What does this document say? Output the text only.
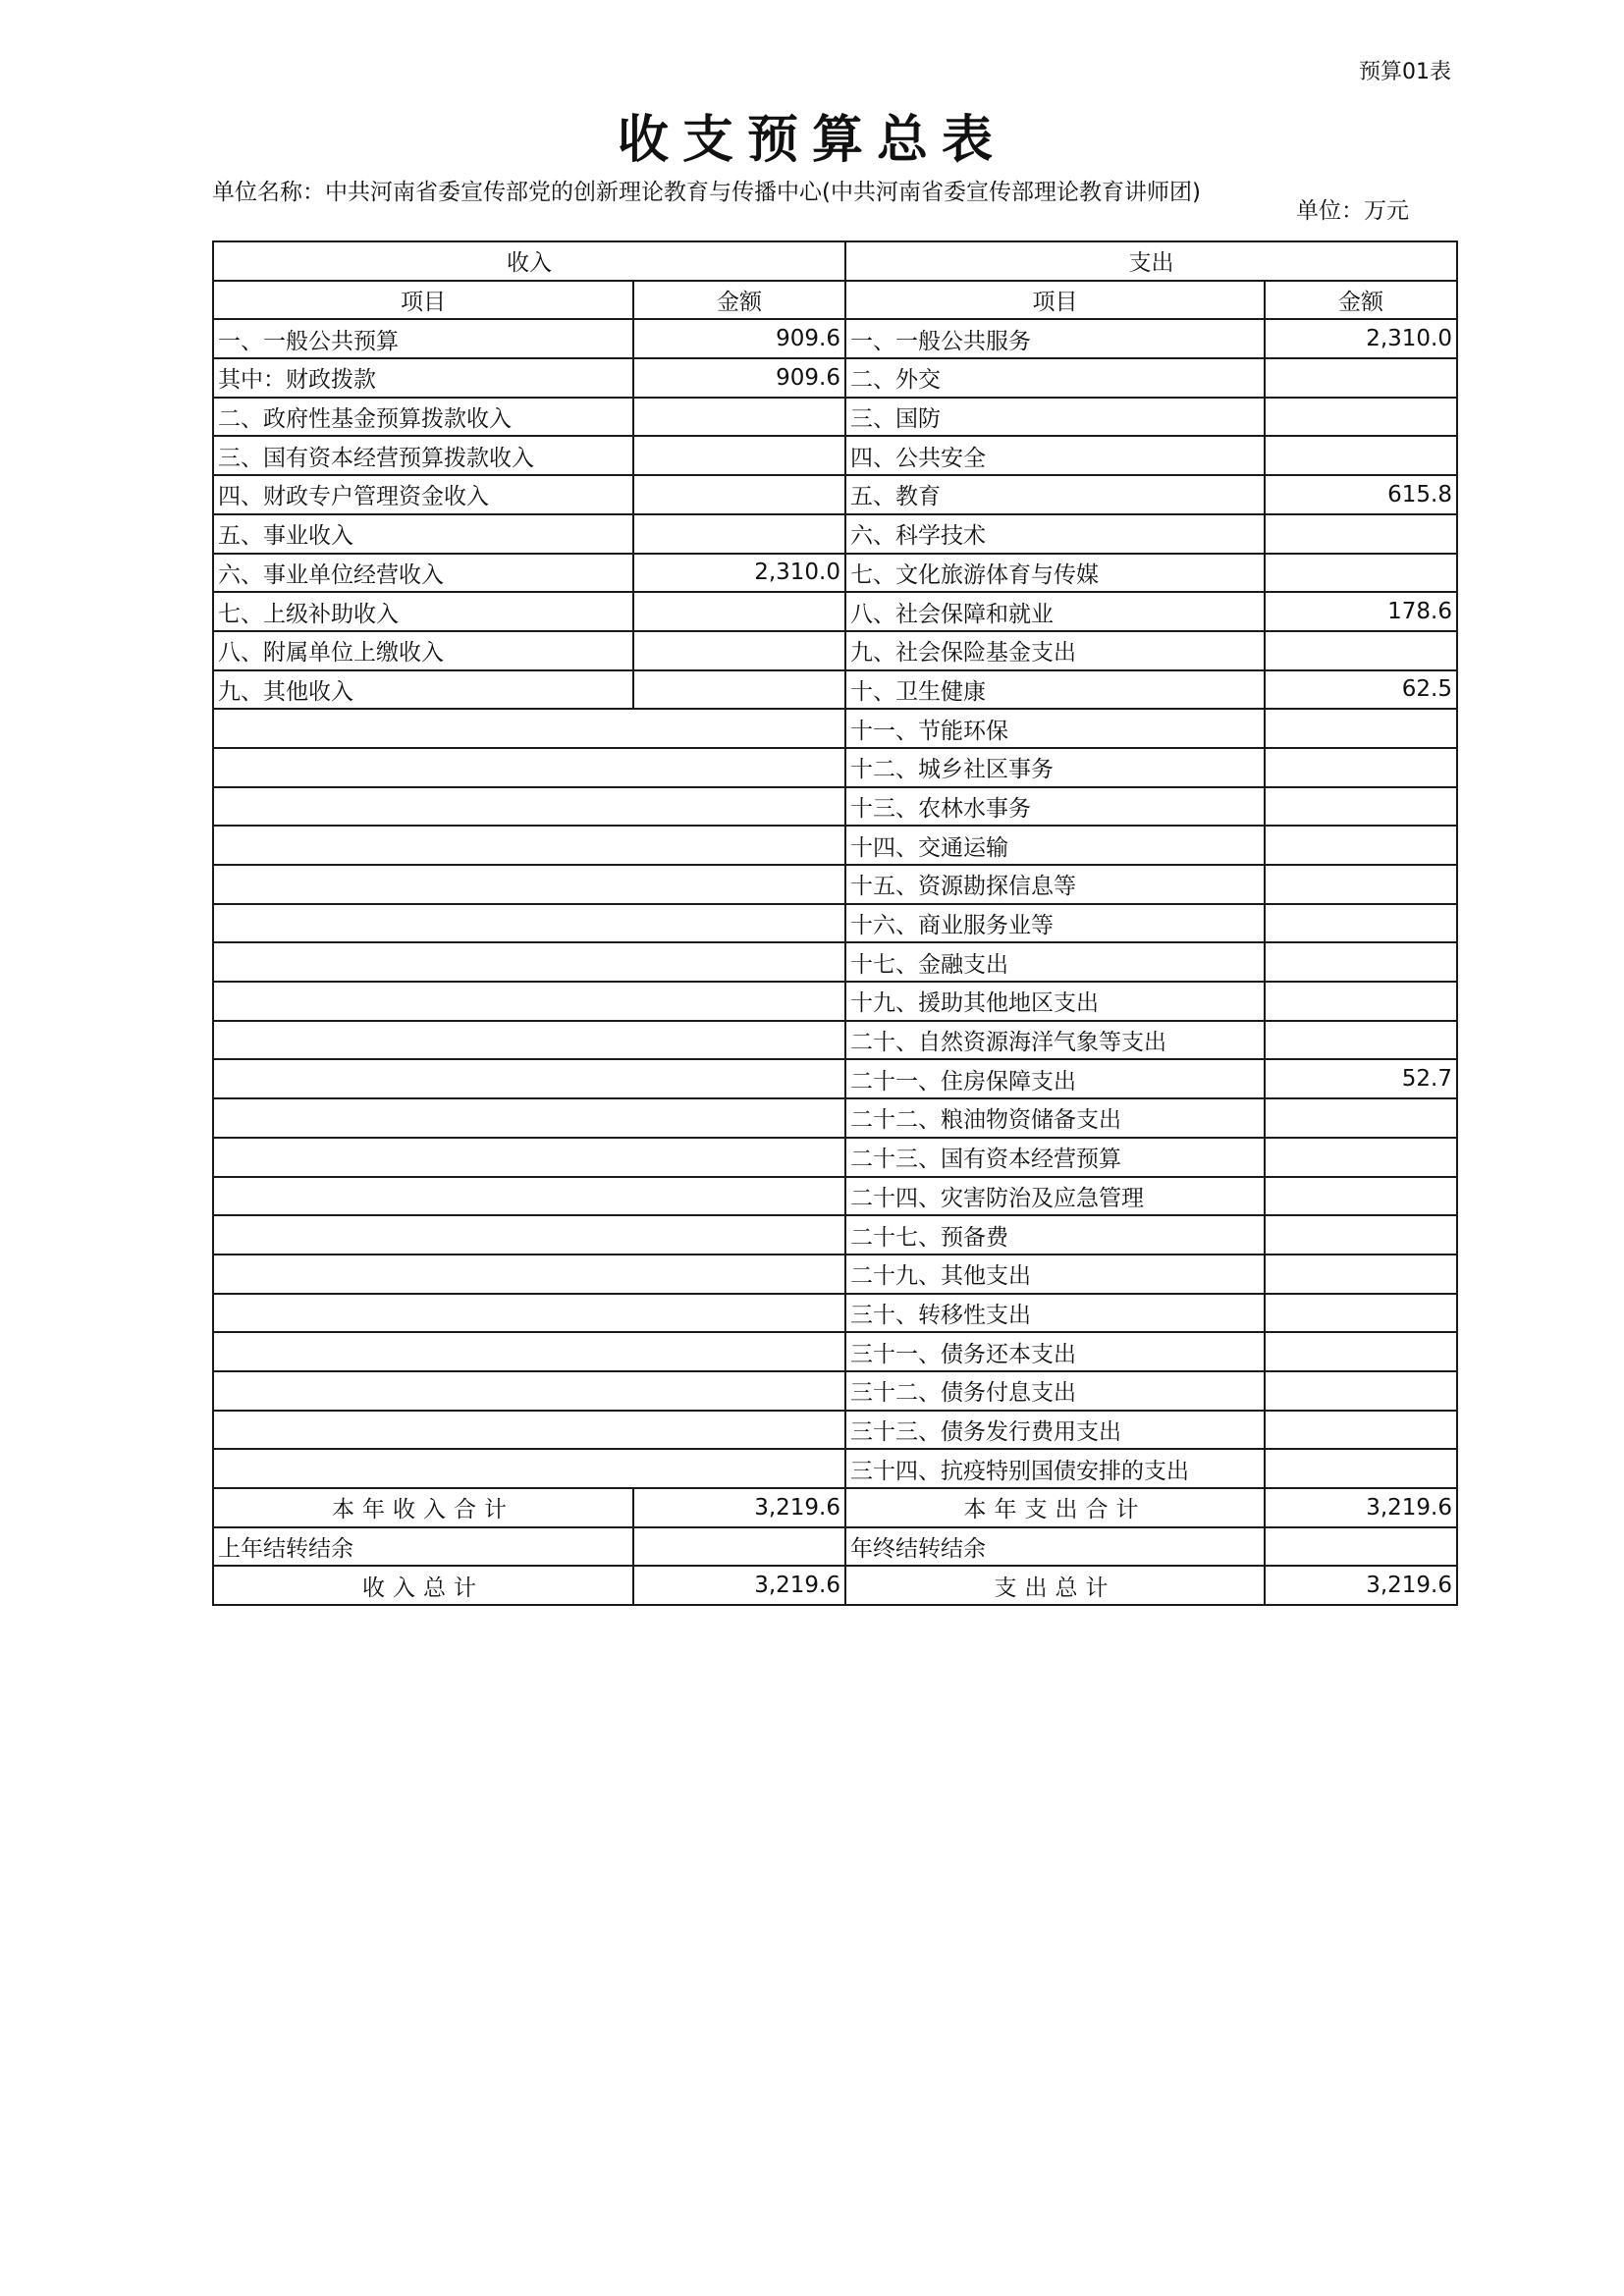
预算01表
收支预算总表
单位名称：中共河南省委宣传部党的创新理论教育与传播中心(中共河南省委宣传部理论教育讲师团)
单位：万元
收入		支出	
项目	金额	项目	金额
一、一般公共预算	909.6	一、一般公共服务	2,310.0
其中：财政拨款	909.6	二、外交	
二、政府性基金预算拨款收入		三、国防	
三、国有资本经营预算拨款收入		四、公共安全	
四、财政专户管理资金收入		五、教育	615.8
五、事业收入		六、科学技术	
六、事业单位经营收入	2,310.0	七、文化旅游体育与传媒	
七、上级补助收入		八、社会保障和就业	178.6
八、附属单位上缴收入		九、社会保险基金支出	
九、其他收入		十、卫生健康	62.5
		十一、节能环保	
		十二、城乡社区事务	
		十三、农林水事务	
		十四、交通运输	
		十五、资源勘探信息等	
		十六、商业服务业等	
		十七、金融支出	
		十九、援助其他地区支出	
		二十、自然资源海洋气象等支出	
		二十一、住房保障支出	52.7
		二十二、粮油物资储备支出	
		二十三、国有资本经营预算	
		二十四、灾害防治及应急管理	
		二十七、预备费	
		二十九、其他支出	
		三十、转移性支出	
		三十一、债务还本支出	
		三十二、债务付息支出	
		三十三、债务发行费用支出	
		三十四、抗疫特别国债安排的支出	
本年收入合计	3,219.6	本年支出合计	3,219.6
上年结转结余		年终结转结余	
收入总计	3,219.6	支出总计	3,219.6
